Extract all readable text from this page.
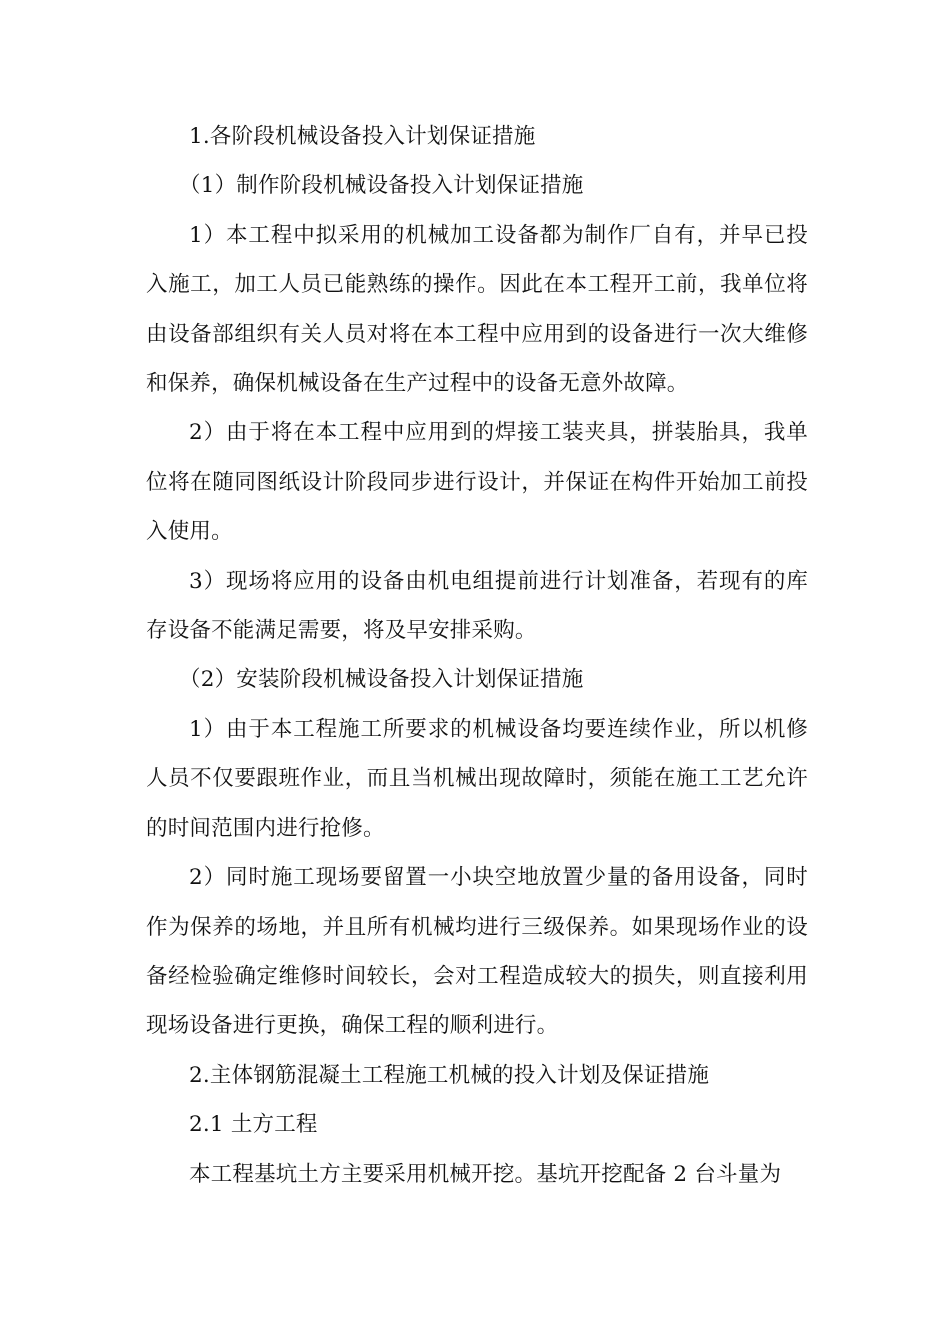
1.各阶段机械设备投入计划保证措施

（1）制作阶段机械设备投入计划保证措施

1）本工程中拟采用的机械加工设备都为制作厂自有，并早已投入施工，加工人员已能熟练的操作。因此在本工程开工前，我单位将由设备部组织有关人员对将在本工程中应用到的设备进行一次大维修和保养，确保机械设备在生产过程中的设备无意外故障。

2）由于将在本工程中应用到的焊接工装夹具，拼装胎具，我单位将在随同图纸设计阶段同步进行设计，并保证在构件开始加工前投入使用。

3）现场将应用的设备由机电组提前进行计划准备，若现有的库存设备不能满足需要，将及早安排采购。

（2）安装阶段机械设备投入计划保证措施

1）由于本工程施工所要求的机械设备均要连续作业，所以机修人员不仅要跟班作业，而且当机械出现故障时，须能在施工工艺允许的时间范围内进行抢修。

2）同时施工现场要留置一小块空地放置少量的备用设备，同时作为保养的场地，并且所有机械均进行三级保养。如果现场作业的设备经检验确定维修时间较长，会对工程造成较大的损失，则直接利用现场设备进行更换，确保工程的顺利进行。

2.主体钢筋混凝土工程施工机械的投入计划及保证措施

2.1 土方工程

本工程基坑土方主要采用机械开挖。基坑开挖配备 2 台斗量为
